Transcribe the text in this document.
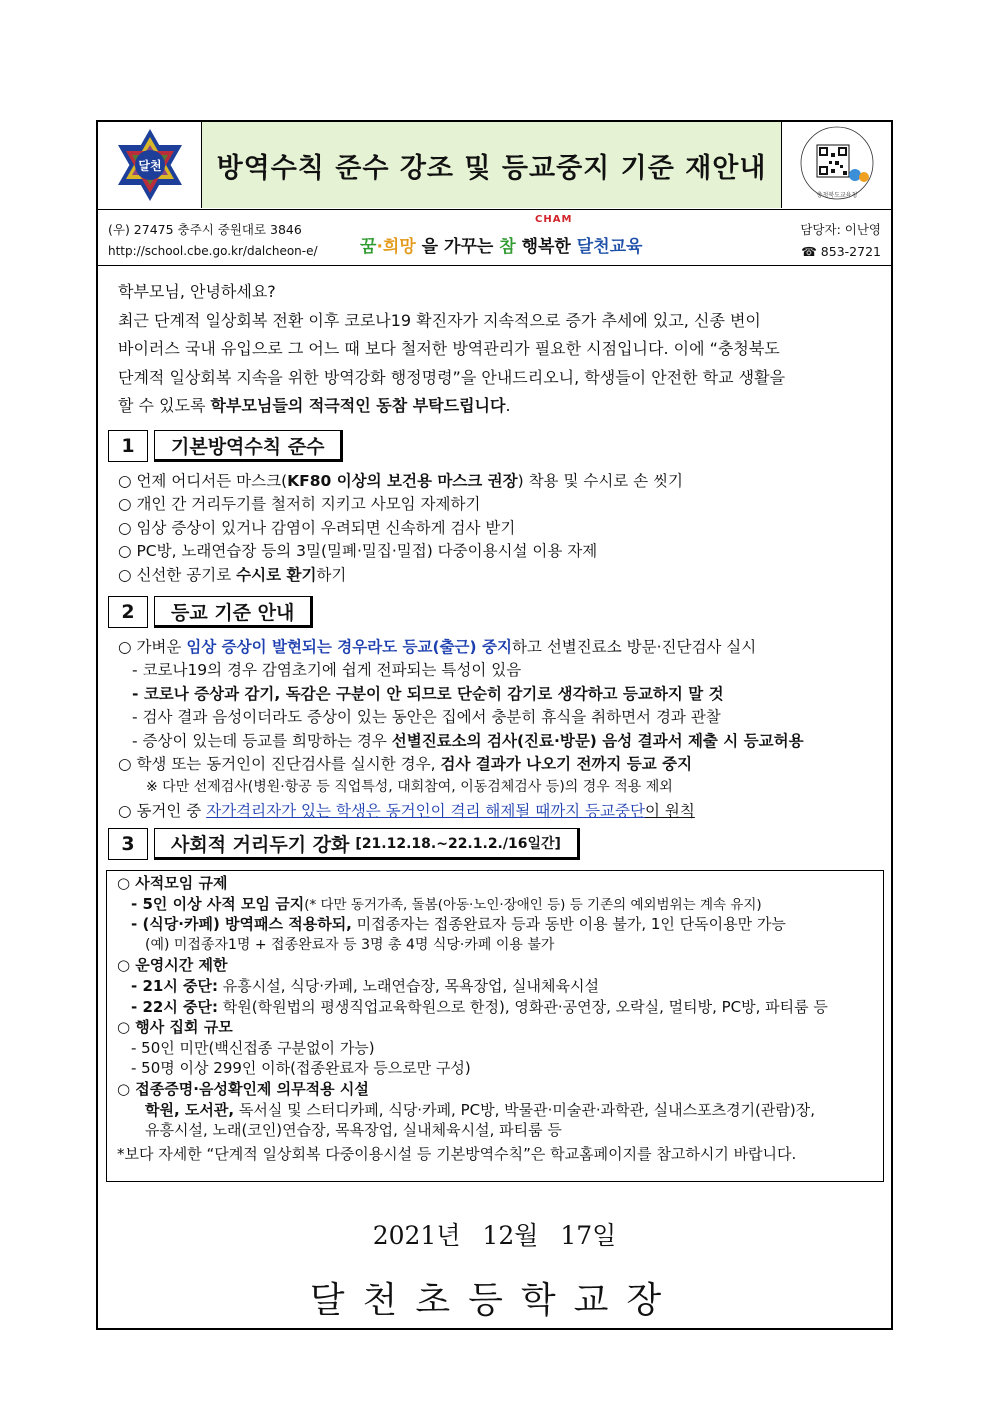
달천 방역수칙 준수 강조 및 등교중지 기준 재안내
충청북도교육청
(우) 27475 충주시 중원대로 3846
http://school.cbe.go.kr/dalcheon-e/
CHAM
꿈·희망 을 가꾸는 참 행복한 달천교육
담당자: 이난영
☎ 853-2721

학부모님, 안녕하세요?

최근 단계적 일상회복 전환 이후 코로나19 확진자가 지속적으로 증가 추세에 있고, 신종 변이

바이러스 국내 유입으로 그 어느 때 보다 철저한 방역관리가 필요한 시점입니다. 이에 “충청북도

단계적 일상회복 지속을 위한 방역강화 행정명령”을 안내드리오니, 학생들이 안전한 학교 생활을

할 수 있도록 학부모님들의 적극적인 동참 부탁드립니다.

1	기본방역수칙 준수
○ 언제 어디서든 마스크(KF80 이상의 보건용 마스크 권장) 착용 및 수시로 손 씻기
○ 개인 간 거리두기를 철저히 지키고 사모임 자제하기
○ 임상 증상이 있거나 감염이 우려되면 신속하게 검사 받기
○ PC방, 노래연습장 등의 3밀(밀폐·밀집·밀접) 다중이용시설 이용 자제
○ 신선한 공기로 수시로 환기하기
2	등교 기준 안내
○ 가벼운 임상 증상이 발현되는 경우라도 등교(출근) 중지하고 선별진료소 방문·진단검사 실시
- 코로나19의 경우 감염초기에 쉽게 전파되는 특성이 있음
- 코로나 증상과 감기, 독감은 구분이 안 되므로 단순히 감기로 생각하고 등교하지 말 것
- 검사 결과 음성이더라도 증상이 있는 동안은 집에서 충분히 휴식을 취하면서 경과 관찰
- 증상이 있는데 등교를 희망하는 경우 선별진료소의 검사(진료·방문) 음성 결과서 제출 시 등교허용
○ 학생 또는 동거인이 진단검사를 실시한 경우, 검사 결과가 나오기 전까지 등교 중지
※ 다만 선제검사(병원·항공 등 직업특성, 대회참여, 이동검체검사 등)의 경우 적용 제외
○ 동거인 중 자가격리자가 있는 학생은 동거인이 격리 해제될 때까지 등교중단이 원칙
3	사회적 거리두기 강화 [21.12.18.~22.1.2./16일간]
○ 사적모임 규제
- 5인 이상 사적 모임 금지(* 다만 동거가족, 돌봄(아동·노인·장애인 등) 등 기존의 예외범위는 계속 유지)
- (식당·카페) 방역패스 적용하되, 미접종자는 접종완료자 등과 동반 이용 불가, 1인 단독이용만 가능
(예) 미접종자1명 + 접종완료자 등 3명 총 4명 식당·카페 이용 불가
○ 운영시간 제한
- 21시 중단: 유흥시설, 식당·카페, 노래연습장, 목욕장업, 실내체육시설
- 22시 중단: 학원(학원법의 평생직업교육학원으로 한정), 영화관·공연장, 오락실, 멀티방, PC방, 파티룸 등
○ 행사 집회 규모
- 50인 미만(백신접종 구분없이 가능)
- 50명 이상 299인 이하(접종완료자 등으로만 구성)
○ 접종증명·음성확인제 의무적용 시설
학원, 도서관, 독서실 및 스터디카페, 식당·카페, PC방, 박물관·미술관·과학관, 실내스포츠경기(관람)장,
유흥시설, 노래(코인)연습장, 목욕장업, 실내체육시설, 파티룸 등
*보다 자세한 “단계적 일상회복 다중이용시설 등 기본방역수칙”은 학교홈페이지를 참고하시기 바랍니다.
2021년 12월 17일
달천초등학교장
